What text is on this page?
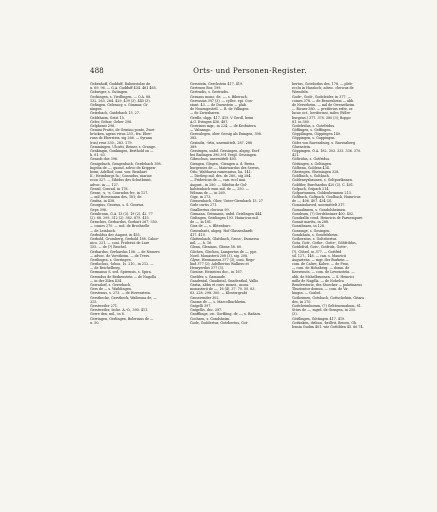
488	Orts- und Personen-Register.

Gebenhoff, Gudduff, Rabenstolze de

u. 69. 96. — G.A. Gudduff 434. 461 465.

Gebwiger, s. Gutingen.

Geckingen, s. Viedlingen. — O.A. 88.

132. 263. 264. 429. 439 (3). 445 (3).

Gefingen, Gelenacy, s. Gimmar, Gi-

ningen.

Geisebach, Guidebach 15. 27.

Geldshaim, Geist 15.

Geler, Gelsar, Geber 396.

Gelphrant 296.

Gemini Fratte, de Gemino ponte, Zwei-

brücken, agens vieus 230., fra. Eber-

runs de Ebersteis, sig 266. — Syrann

(rus) reus 330., 283. 279.

Gemmingen, Ulcutti, Reiner, s. Grange.

Genkingin, Gonkingen, Berthold on —

h. 61. 63.

Genzob doe 396.

Genigebach, Gengenbach, Gerdebach 398.

Ingeba de —, quond. advoc de Krippen-

heim; Adelhof, coni. vox: Reinhart

II.; Heimburgs fa.; Conradus, mariae

ecou 327. — Sibidus des Schutbrant,

advoc. in —, 127.

Gensil, Conrad, in 178.

Gense, -s, -e, Conradus fec. in 127.

— mil Horsemann des, 181; de

Grafna, in 438.

Georgius, Georius, s. S. Georius.

Gepe 396.

Gerabronn, G.A. 13 (3). 19 (2). 42. 77

(2). 88. 299. 312 (2). 382. 879. 415.

Gerachus, Gerhardus, Gorhart 267. 350.

— comes 270. — sod. de Brochselle

— de Leinbach.

Gerboldus dec August, in 455.

Gerbold, Grossberg, Gerbold 188. Cabor-

nico. 221. — coni. Friderici de Lare

155. — de (?) Reichel.

Gerhardus, Gerhardus 108. — de Nemers

— advoc. de Vorstheim. — de Tvers.

Gerilingen, s. Gerringen.

Gerilochus, -lohus, 1s. 210., in 212. —

— de Reichelberg.

Germanus S. sed. Spirensis, s. Spira.

Gerondus de Berkenstein — de Nagolla

— in der Zilen 434.

Gerradorf, s. Gerrebach.

Gers de — s. Waiblingen.

Gerstenus, s. 273. — de Hovenstein.

Gerstbecke, Gerstbeck, Waibrona de, —

325.

Gerstweiler 271.

Gerstweiler, Ische. A.-O., 390. 411.

Gerre den, mil., in 8.

Gerringen, Gerlingen, Bolerinus de —

u. 50.

Gersstein, Gerchstein 417. 419.

Gertruen Bor, 199.

Gertrudis, s. Gertrudis.

Geruaus mono. de. —, s. Biberach.

Gervasius 397 (3). — cyllec. epi. Con-

stant. 43. — de Duenstein — plab.

de Neuengestetl. — B. de Villingen

— de Zwiesbaren.

Gerdle, shpp. 417. 419. V Gerdl, beim

A.G. Evingen 436. 487.

Gerwinus mgr., in 224. — de Kesbatern

— Valnango.

Gerwalegen, ober Gersig als Exingen, 398.

385.

Gesindis, -triis, unermittelt, 287. 288

389.

Gessingen, unbd. Gessingen, abgeg. Dorf

bei Badingen 390.391 Vergl. Gessingen.

Gibrochun, unermittelt 405.

Giengen, Glegen, -Giengen a. d. Brenz,

burgenses de —, Mainwardus des Serrus,

Otto, Waltharus ramesarius, ba. 141.

— Dietleip mil. des. de 280., sig 284.

— Fridericus de —, can. eccl mai.

August., in 280. — Sibidus de Gol-

kalstenbach eum mil. de —, 250. —

Wilman de —, in 260.

Gige, in 273.

Giessenbach, Oher, Unter-Giessbach 15. 27

Girle curtis 271.

Gisalbertus clericus 99.

Gismann, Geismann, unbd. Geislingen 444.

Gislingen, Geislingen 193. Hainricus mil.

de —, in 181.

Gius de —, s. Blitenburc.

Gissenbaitt, abgeg. Hof Glassenhardt

417. 419.

Glattenbach, Glattbach, Gross-, Dumersa

mil. —, h. 16.

Glenn, Gleninus, Gliene 58. 60.

Glichen, Glechen, Lampertus de —, ppr.

Nord. Monasterii 208 (3), sig. 208.

Glyne, Hermannus 377 (3); coni. Rege-

lind 377 (2); Adelbertus Walkero et

Henryerdus 377 (3).

Givaine, Heinricus doc., in 167.

Gnelder, s. Gamunde.

Gnadental, Gnadintal, Gnadenthal, Vallis

Gratia, abbn et conv. monst., mons.

monasterii de —, 16 (4). 37. 70. 50. 63.

63. 228. 298. 300. — Klostergrubt

Grossvender 302.

Gnome de —, s. Marcolbachheim.

Gnigelli 397.

Gnigellis, doc. 397.

Gnufflinge, oic. Gorffiing, de —, s. Radarn.

Gochsen, s. Gondsheim.

Gode, Goddertus, Gotebertus, Got-

bertus, Gotebodus des, 178. — pleb-

ecclu in Hassloch; advoc. clericus de

Wiendeln.

Gode-, Godi-, Godeleider, in 377. —

comes 378. — de Bessenheim — abb.

de Nerseheim. — mil de Owenstheim.

— Bicuer 380. — pretferius erfer, or.

lucae oct., heriforinsi, miles (Wilre-

burgens.) 377. 378. 380 (3); Boppo

81. in 380.

Godefridus, s. Gotefridus.

Göffingen, s. Geffingen.

Göppilingen, Göppingen 140.

Göppingen, s. Guppingen.

Göler von Ravensburg, s. Ravensberg

Gluenstein.

Göppingen, O.A. 182. 303. 333. 336. 370.

421.

Göltridus, s. Gotfridus.

Göttingen, s. Geltingen.

Gölbena, Goldens 434.

Gheringen, Gheiningen 328.

Goldbach, s. Goltbach.

Goldeneyzbaunen, s. Goltpuriknnen.

Goldtler, Burchardus 420 (3). C. 401.

Golpach, Gripach 214.

Golpurtunnen, Goldenbrunnen 213.

Goltbach, Goltpach, Goolbach, Hainricus

de —, 406. 407. 434 (3).

Gomaisshaved, unermittelt 317.

Gomadinnen, s. Gondolsheimen.

Gondeum, (?) Gerdsheimer 400. 402.

Gondrallis cend. Heinricis de Farnempure.

Gonnit maritu, in 288.

Gonsilisaen, in 128.

Gonzinge, s. Gosingen.

Gondzhain, s. Gondelsheim.

Gotheratus, s. Goltebertus.

Gota, Goti-, Gothe-, Gotte-, Göltfrildus,

Gotdefrid, Gots-, Gotfrids, Gotte-,

(?), Götzel, in 377. — Gottfrid

sil. 127., 148. — can. s. Mauricii

Augustens. — mgr. der Burkein —

com. de Calwe, Kalwe. — de Fron.

— com. de Hohnberg. — domn. de

Kenvenuts. — com. de Lewenstein. —

abb. de Mshelbrunnen. — S. Heinrici

mille de Nagilla. — de Nohelca

Rendersterie, des Stoecker — palatinarus

Thuriontor domun. — com. de Va-

hingin. — Gosbel.

Gotheimen, Gotsbach, Gottschehim, Gitara

des, in 270.

Gottcheimborum, (?) Gelttenemahum, 81.

Stürs de —, mgrd. de Giengen, in 250.

(3).

Göttlingen, Göttingen 417. 419.

Gottinken, drihun, -brillvit, Brioen, Gh.

lensia Gudim 401. wie Gottilden 45. 66 74.
